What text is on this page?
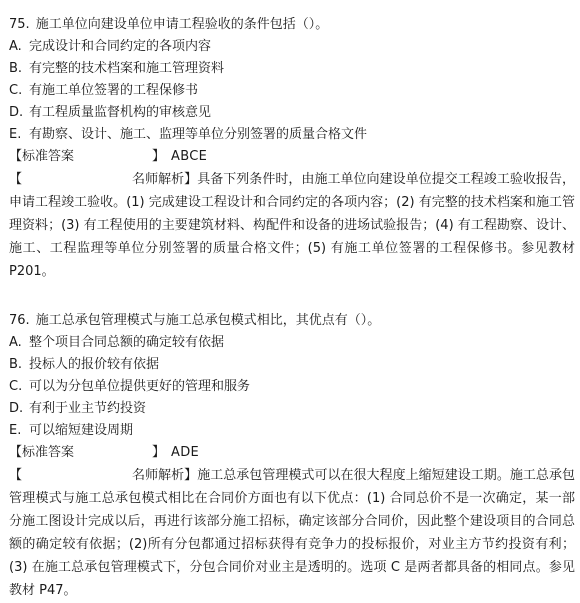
75. 施工单位向建设单位申请工程验收的条件包括（）。
A. 完成设计和合同约定的各项内容
B. 有完整的技术档案和施工管理资料
C. 有施工单位签署的工程保修书
D. 有工程质量监督机构的审核意见
E. 有勘察、设计、施工、监理等单位分别签署的质量合格文件
【标准答案	】 ABCE
【	名师解析】具备下列条件时，由施工单位向建设单位提交工程竣工验收报告，申请工程竣工验收。(1) 完成建设工程设计和合同约定的各项内容；(2) 有完整的技术档案和施工管理资料；(3) 有工程使用的主要建筑材料、构配件和设备的进场试验报告；(4) 有工程勘察、设计、施工、工程监理等单位分别签署的质量合格文件；(5) 有施工单位签署的工程保修书。参见教材 P201。
76. 施工总承包管理模式与施工总承包模式相比，其优点有（）。
A. 整个项目合同总额的确定较有依据
B. 投标人的报价较有依据
C. 可以为分包单位提供更好的管理和服务
D. 有利于业主节约投资
E. 可以缩短建设周期
【标准答案	】 ADE
【	名师解析】施工总承包管理模式可以在很大程度上缩短建设工期。施工总承包管理模式与施工总承包模式相比在合同价方面也有以下优点：(1) 合同总价不是一次确定，某一部分施工图设计完成以后，再进行该部分施工招标，确定该部分合同价，因此整个建设项目的合同总额的确定较有依据；(2)所有分包都通过招标获得有竞争力的投标报价，对业主方节约投资有利；(3) 在施工总承包管理模式下，分包合同价对业主是透明的。选项 C 是两者都具备的相同点。参见教材 P47。
